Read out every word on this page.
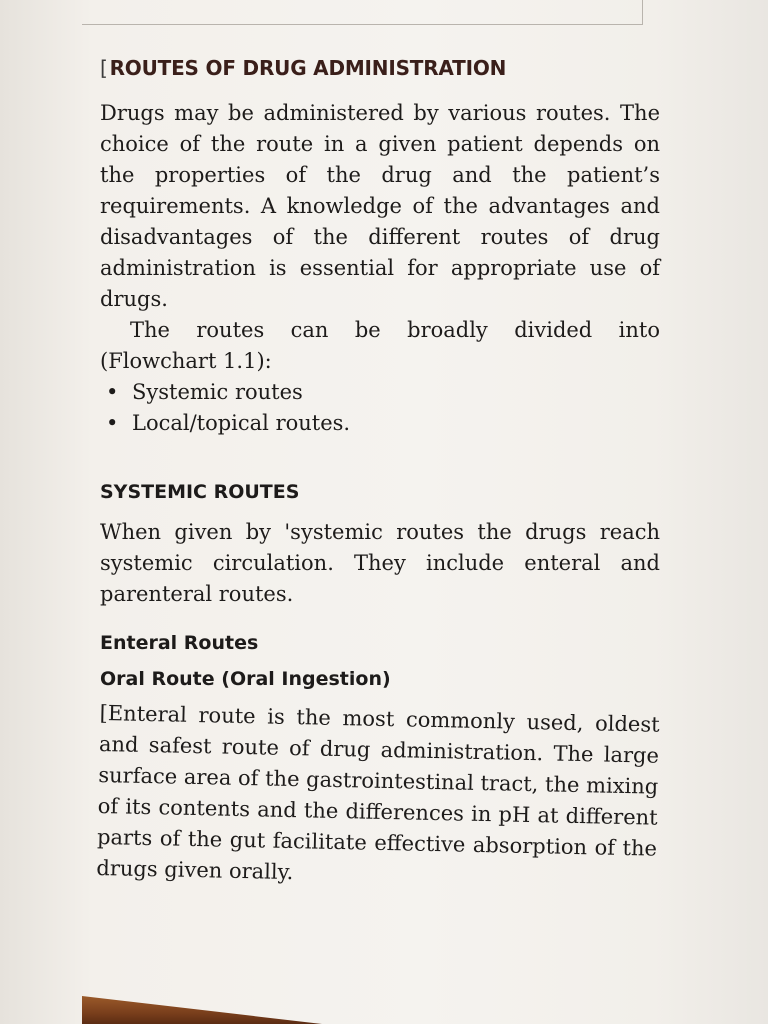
[ ROUTES OF DRUG ADMINISTRATION

Drugs may be administered by various routes. The choice of the route in a given patient depends on the properties of the drug and the patient’s requirements. A knowledge of the advantages and disadvantages of the different routes of drug administration is essential for appropriate use of drugs.

The routes can be broadly divided into (Flowchart 1.1):

• Systemic routes
• Local/topical routes.
SYSTEMIC ROUTES

When given by 'systemic routes the drugs reach systemic circulation. They include enteral and parenteral routes.

Enteral Routes
Oral Route (Oral Ingestion)

[Enteral route is the most commonly used, oldest and safest route of drug administration. The large surface area of the gastrointestinal tract, the mixing of its contents and the differences in pH at different parts of the gut facilitate effective absorption of the drugs given orally.
